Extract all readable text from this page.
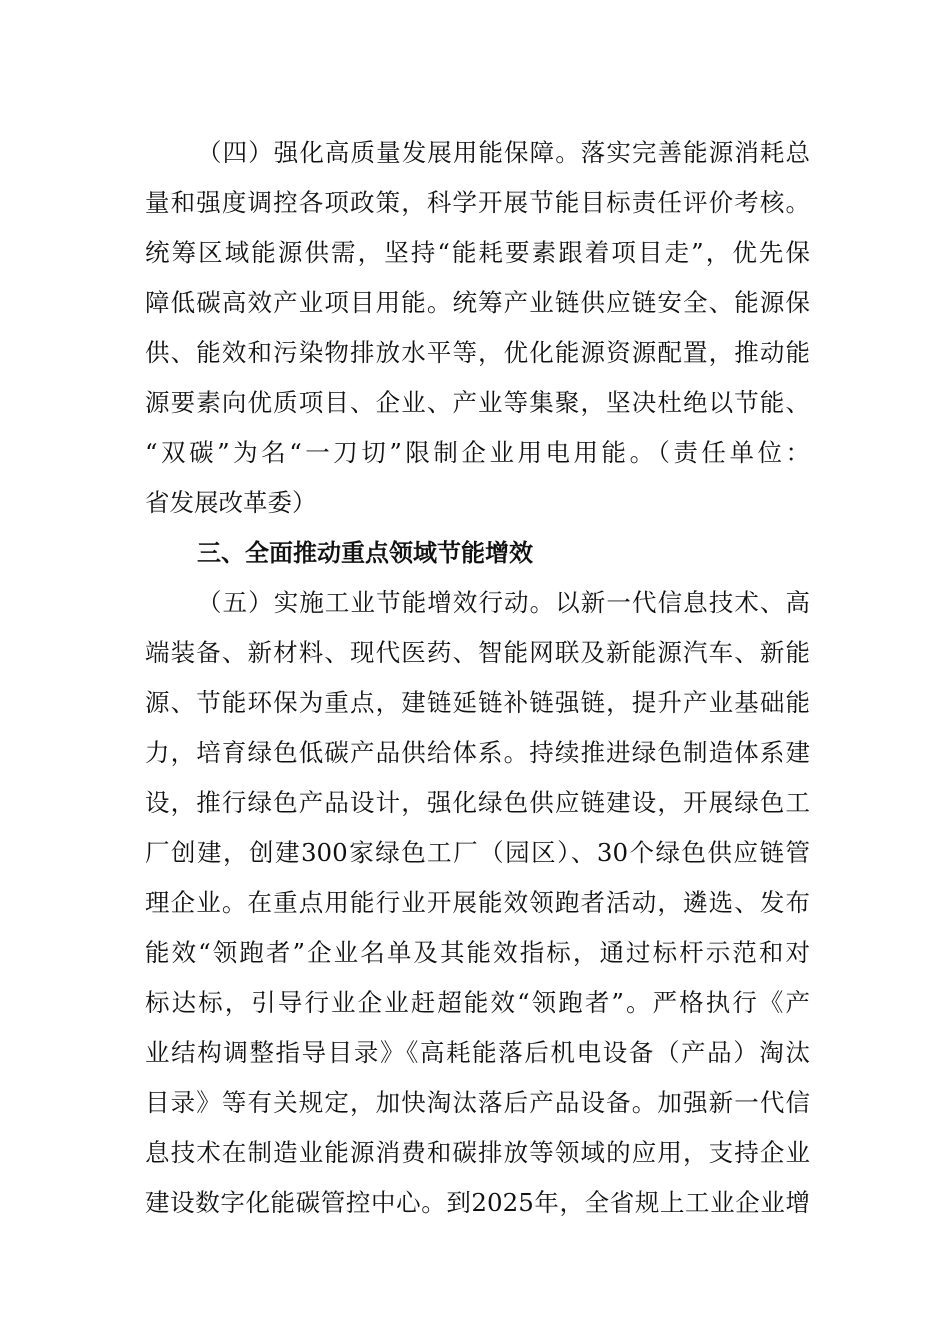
（四）强化高质量发展用能保障。落实完善能源消耗总
量和强度调控各项政策，科学开展节能目标责任评价考核。
统筹区域能源供需，坚持“能耗要素跟着项目走”，优先保
障低碳高效产业项目用能。统筹产业链供应链安全、能源保
供、能效和污染物排放水平等，优化能源资源配置，推动能
源要素向优质项目、企业、产业等集聚，坚决杜绝以节能、
“双碳”为名“一刀切”限制企业用电用能。（责任单位：
省发展改革委）
三、全面推动重点领域节能增效
（五）实施工业节能增效行动。以新一代信息技术、高
端装备、新材料、现代医药、智能网联及新能源汽车、新能
源、节能环保为重点，建链延链补链强链，提升产业基础能
力，培育绿色低碳产品供给体系。持续推进绿色制造体系建
设，推行绿色产品设计，强化绿色供应链建设，开展绿色工
厂创建，创建300家绿色工厂（园区）、30个绿色供应链管
理企业。在重点用能行业开展能效领跑者活动，遴选、发布
能效“领跑者”企业名单及其能效指标，通过标杆示范和对
标达标，引导行业企业赶超能效“领跑者”。严格执行《产
业结构调整指导目录》《高耗能落后机电设备（产品）淘汰
目录》等有关规定，加快淘汰落后产品设备。加强新一代信
息技术在制造业能源消费和碳排放等领域的应用，支持企业
建设数字化能碳管控中心。到2025年，全省规上工业企业增
